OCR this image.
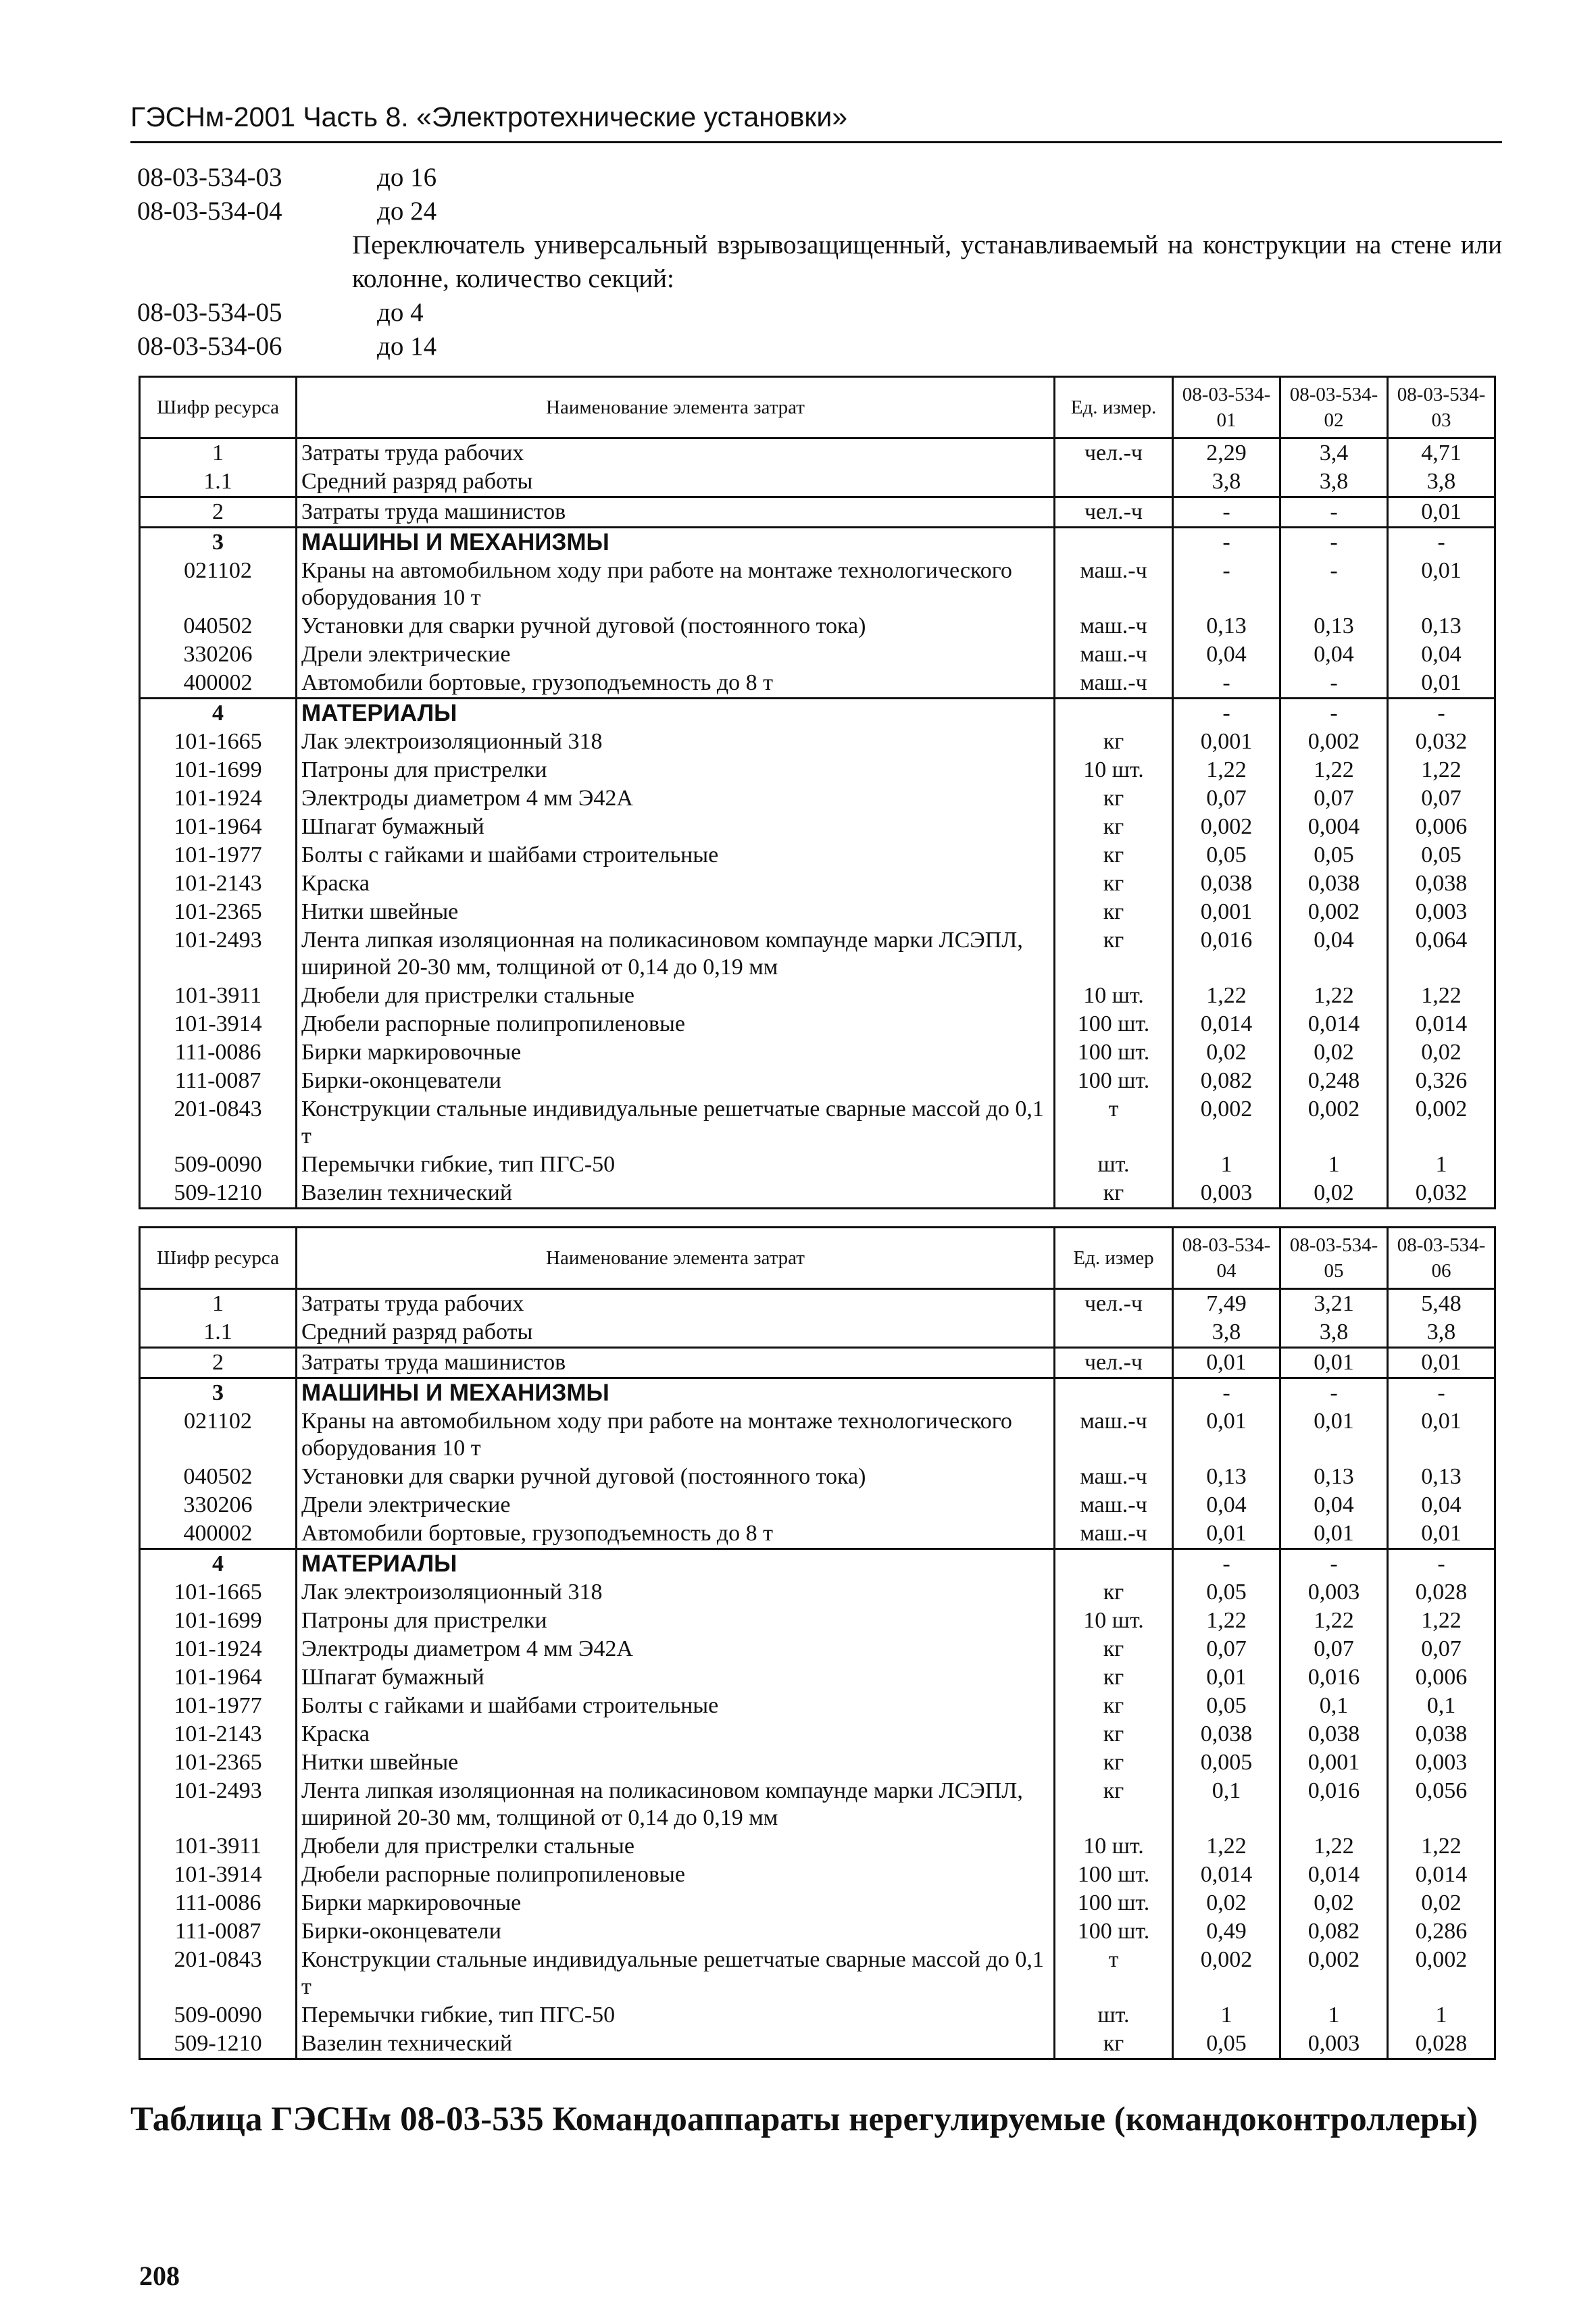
ГЭСНм-2001 Часть 8. «Электротехнические установки»
08-03-534-03	до 16
08-03-534-04	до 24
Переключатель универсальный взрывозащищенный, устанавливаемый на конструкции на стене или колонне, количество секций:
08-03-534-05	до 4
08-03-534-06	до 14
Шифр ресурса	Наименование элемента затрат	Ед. измер.	08-03-534-01	08-03-534-02	08-03-534-03
1	Затраты труда рабочих	чел.-ч	2,29	3,4	4,71
1.1	Средний разряд работы		3,8	3,8	3,8
2	Затраты труда машинистов	чел.-ч	-	-	0,01
3	МАШИНЫ И МЕХАНИЗМЫ		-	-	-
021102	Краны на автомобильном ходу при работе на монтаже технологического оборудования 10 т	маш.-ч	-	-	0,01
040502	Установки для сварки ручной дуговой (постоянного тока)	маш.-ч	0,13	0,13	0,13
330206	Дрели электрические	маш.-ч	0,04	0,04	0,04
400002	Автомобили бортовые, грузоподъемность до 8 т	маш.-ч	-	-	0,01
4	МАТЕРИАЛЫ		-	-	-
101-1665	Лак электроизоляционный 318	кг	0,001	0,002	0,032
101-1699	Патроны для пристрелки	10 шт.	1,22	1,22	1,22
101-1924	Электроды диаметром 4 мм Э42А	кг	0,07	0,07	0,07
101-1964	Шпагат бумажный	кг	0,002	0,004	0,006
101-1977	Болты с гайками и шайбами строительные	кг	0,05	0,05	0,05
101-2143	Краска	кг	0,038	0,038	0,038
101-2365	Нитки швейные	кг	0,001	0,002	0,003
101-2493	Лента липкая изоляционная на поликасиновом компаунде марки ЛСЭПЛ, шириной 20-30 мм, толщиной от 0,14 до 0,19 мм	кг	0,016	0,04	0,064
101-3911	Дюбели для пристрелки стальные	10 шт.	1,22	1,22	1,22
101-3914	Дюбели распорные полипропиленовые	100 шт.	0,014	0,014	0,014
111-0086	Бирки маркировочные	100 шт.	0,02	0,02	0,02
111-0087	Бирки-оконцеватели	100 шт.	0,082	0,248	0,326
201-0843	Конструкции стальные индивидуальные решетчатые сварные массой до 0,1 т	т	0,002	0,002	0,002
509-0090	Перемычки гибкие, тип ПГС-50	шт.	1	1	1
509-1210	Вазелин технический	кг	0,003	0,02	0,032
Шифр ресурса	Наименование элемента затрат	Ед. измер	08-03-534-04	08-03-534-05	08-03-534-06
1	Затраты труда рабочих	чел.-ч	7,49	3,21	5,48
1.1	Средний разряд работы		3,8	3,8	3,8
2	Затраты труда машинистов	чел.-ч	0,01	0,01	0,01
3	МАШИНЫ И МЕХАНИЗМЫ		-	-	-
021102	Краны на автомобильном ходу при работе на монтаже технологического оборудования 10 т	маш.-ч	0,01	0,01	0,01
040502	Установки для сварки ручной дуговой (постоянного тока)	маш.-ч	0,13	0,13	0,13
330206	Дрели электрические	маш.-ч	0,04	0,04	0,04
400002	Автомобили бортовые, грузоподъемность до 8 т	маш.-ч	0,01	0,01	0,01
4	МАТЕРИАЛЫ		-	-	-
101-1665	Лак электроизоляционный 318	кг	0,05	0,003	0,028
101-1699	Патроны для пристрелки	10 шт.	1,22	1,22	1,22
101-1924	Электроды диаметром 4 мм Э42А	кг	0,07	0,07	0,07
101-1964	Шпагат бумажный	кг	0,01	0,016	0,006
101-1977	Болты с гайками и шайбами строительные	кг	0,05	0,1	0,1
101-2143	Краска	кг	0,038	0,038	0,038
101-2365	Нитки швейные	кг	0,005	0,001	0,003
101-2493	Лента липкая изоляционная на поликасиновом компаунде марки ЛСЭПЛ, шириной 20-30 мм, толщиной от 0,14 до 0,19 мм	кг	0,1	0,016	0,056
101-3911	Дюбели для пристрелки стальные	10 шт.	1,22	1,22	1,22
101-3914	Дюбели распорные полипропиленовые	100 шт.	0,014	0,014	0,014
111-0086	Бирки маркировочные	100 шт.	0,02	0,02	0,02
111-0087	Бирки-оконцеватели	100 шт.	0,49	0,082	0,286
201-0843	Конструкции стальные индивидуальные решетчатые сварные массой до 0,1 т	т	0,002	0,002	0,002
509-0090	Перемычки гибкие, тип ПГС-50	шт.	1	1	1
509-1210	Вазелин технический	кг	0,05	0,003	0,028
Таблица ГЭСНм 08-03-535 Командоаппараты нерегулируемые (командоконтроллеры)
208
